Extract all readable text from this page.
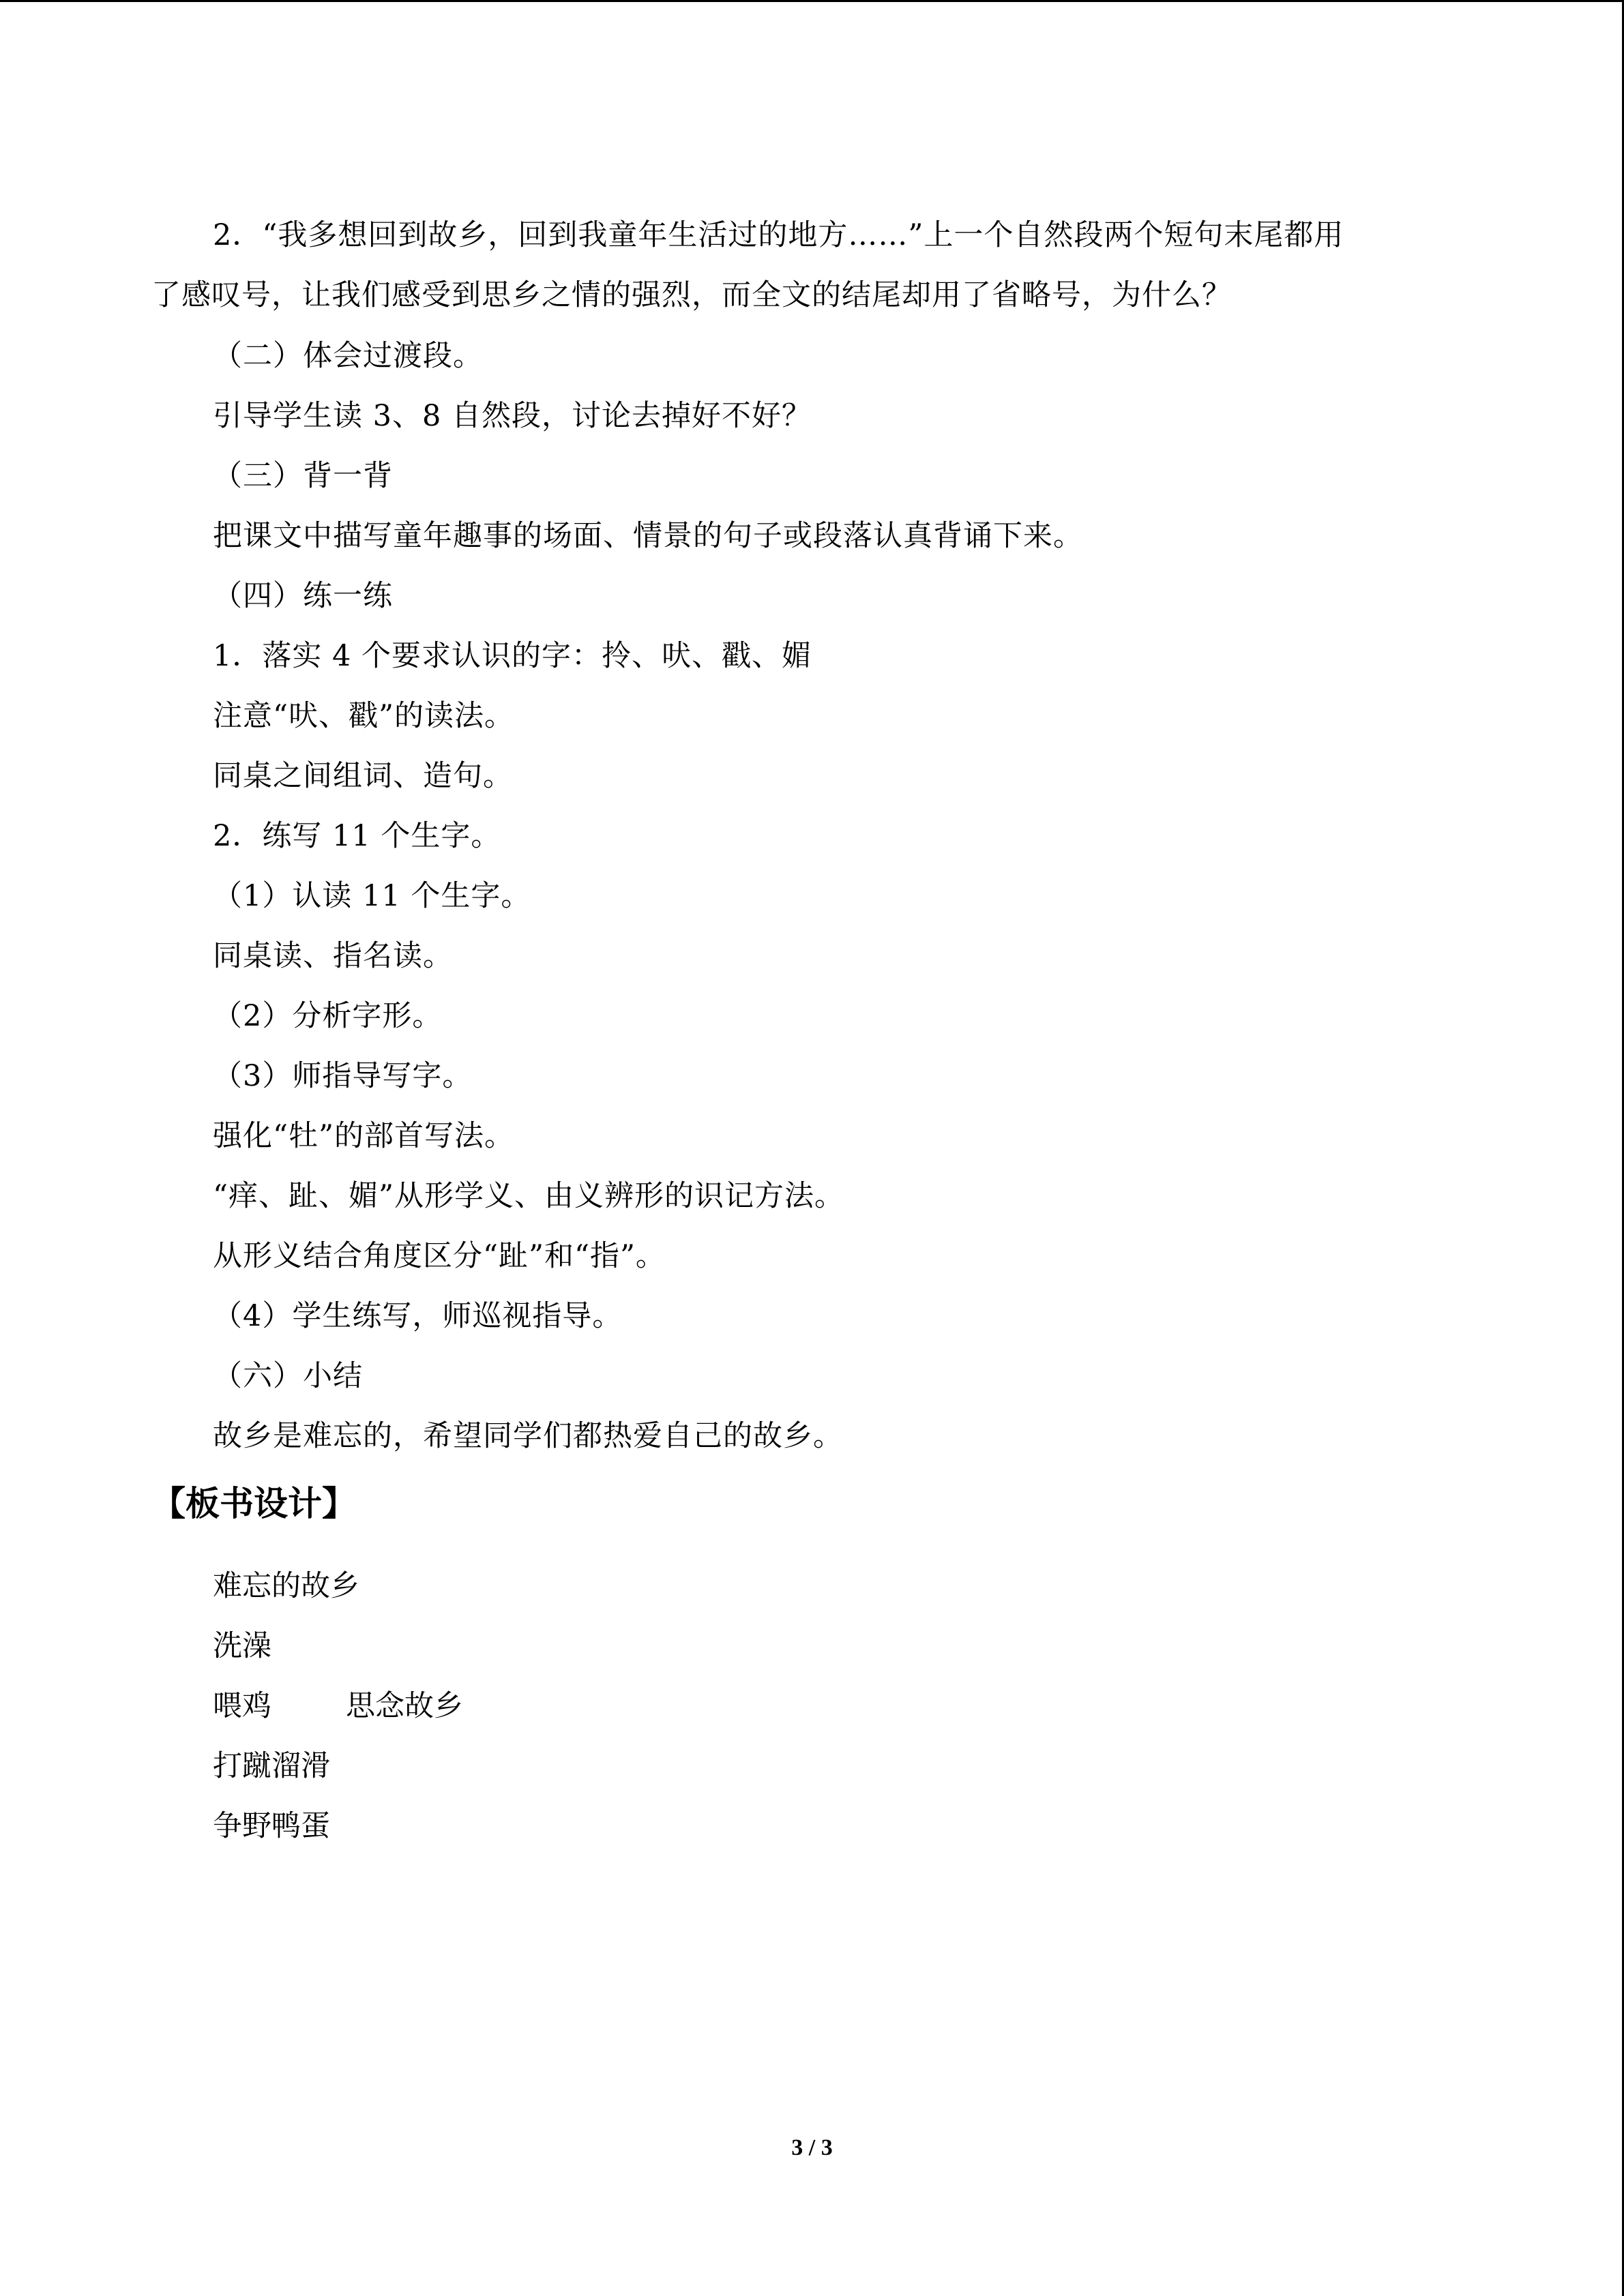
2．“我多想回到故乡，回到我童年生活过的地方……”上一个自然段两个短句末尾都用
了感叹号，让我们感受到思乡之情的强烈，而全文的结尾却用了省略号，为什么？
（二）体会过渡段。
引导学生读 3、8 自然段，讨论去掉好不好？
（三）背一背
把课文中描写童年趣事的场面、情景的句子或段落认真背诵下来。
（四）练一练
1．落实 4 个要求认识的字：拎、吠、戳、媚
注意“吠、戳”的读法。
同桌之间组词、造句。
2．练写 11 个生字。
（1）认读 11 个生字。
同桌读、指名读。
（2）分析字形。
（3）师指导写字。
强化“牡”的部首写法。
“痒、趾、媚”从形学义、由义辨形的识记方法。
从形义结合角度区分“趾”和“指”。
（4）学生练写，师巡视指导。
（六）小结
故乡是难忘的，希望同学们都热爱自己的故乡。
【板书设计】
难忘的故乡
洗澡
喂鸡	思念故乡
打蹴溜滑
争野鸭蛋
3 / 3
